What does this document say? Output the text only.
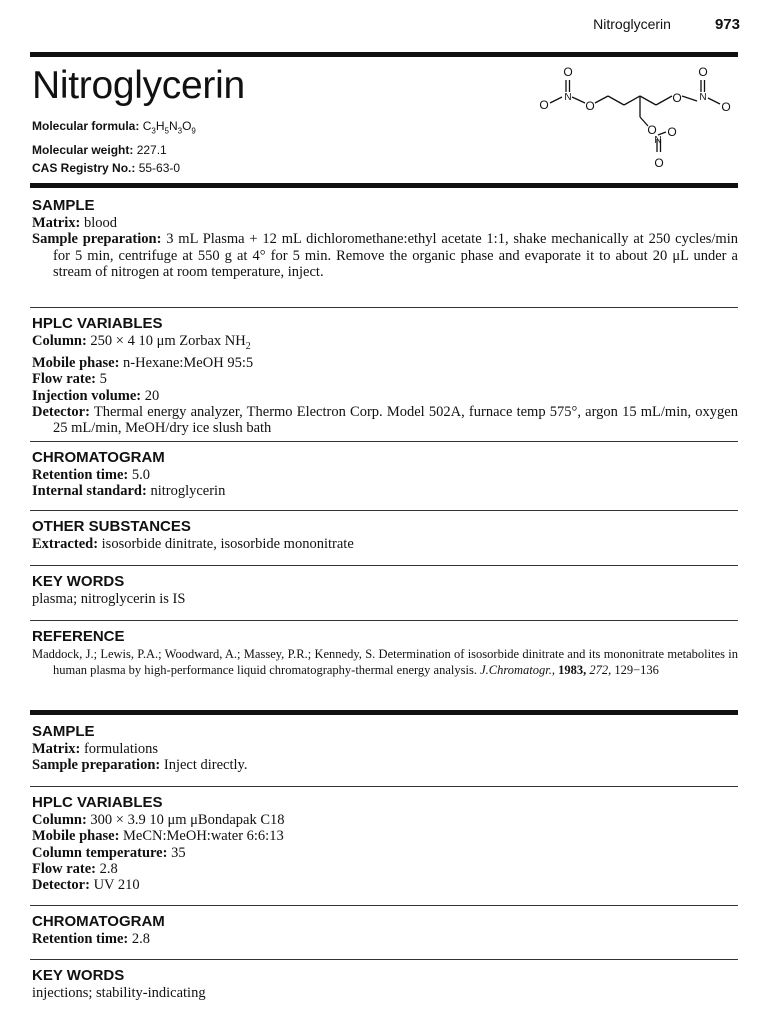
Nitroglycerin	973
Nitroglycerin
Molecular formula: $C_3H_5N_3O_9$
Molecular weight: 227.1
CAS Registry No.: 55-63-0
O
O
N
O
O N
O
O
O
N
O
O
SAMPLE

Matrix: blood

Sample preparation: 3 mL Plasma + 12 mL dichloromethane:ethyl acetate 1:1, shake mechanically at 250 cycles/min for 5 min, centrifuge at 550 g at 4° for 5 min. Remove the organic phase and evaporate it to about 20 μL under a stream of nitrogen at room temperature, inject.

HPLC VARIABLES

Column: 250 × 4 10 μm Zorbax $NH_2$

Mobile phase: n-Hexane:MeOH 95:5

Flow rate: 5

Injection volume: 20

Detector: Thermal energy analyzer, Thermo Electron Corp. Model 502A, furnace temp 575°, argon 15 mL/min, oxygen 25 mL/min, MeOH/dry ice slush bath

CHROMATOGRAM

Retention time: 5.0

Internal standard: nitroglycerin

OTHER SUBSTANCES

Extracted: isosorbide dinitrate, isosorbide mononitrate

KEY WORDS

plasma; nitroglycerin is IS

REFERENCE

Maddock, J.; Lewis, P.A.; Woodward, A.; Massey, P.R.; Kennedy, S. Determination of isosorbide dinitrate and its mononitrate metabolites in human plasma by high-performance liquid chromatography-thermal energy analysis. J.Chromatogr., 1983, 272, 129−136

SAMPLE

Matrix: formulations

Sample preparation: Inject directly.

HPLC VARIABLES

Column: 300 × 3.9 10 μm μBondapak C18

Mobile phase: MeCN:MeOH:water 6:6:13

Column temperature: 35

Flow rate: 2.8

Detector: UV 210

CHROMATOGRAM

Retention time: 2.8

KEY WORDS

injections; stability-indicating
